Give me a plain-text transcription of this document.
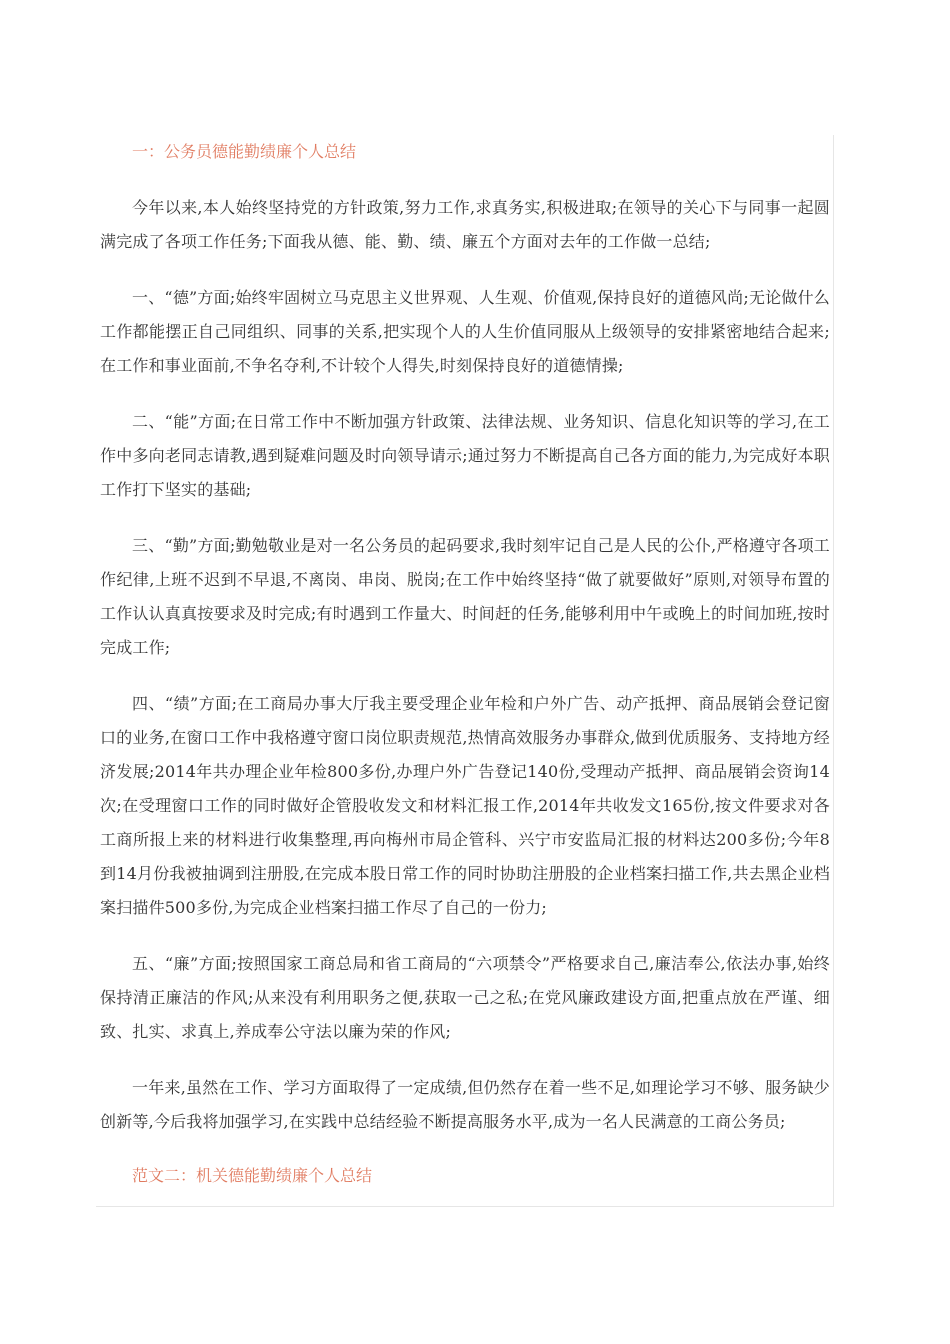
一：公务员德能勤绩廉个人总结

今年以来,本人始终坚持党的方针政策,努力工作,求真务实,积极进取;在领导的关心下与同事一起圆满完成了各项工作任务;下面我从德、能、勤、绩、廉五个方面对去年的工作做一总结;

一、“德”方面;始终牢固树立马克思主义世界观、人生观、价值观,保持良好的道德风尚;无论做什么工作都能摆正自己同组织、同事的关系,把实现个人的人生价值同服从上级领导的安排紧密地结合起来;在工作和事业面前,不争名夺利,不计较个人得失,时刻保持良好的道德情操;

二、“能”方面;在日常工作中不断加强方针政策、法律法规、业务知识、信息化知识等的学习,在工作中多向老同志请教,遇到疑难问题及时向领导请示;通过努力不断提高自己各方面的能力,为完成好本职工作打下坚实的基础;

三、“勤”方面;勤勉敬业是对一名公务员的起码要求,我时刻牢记自己是人民的公仆,严格遵守各项工作纪律,上班不迟到不早退,不离岗、串岗、脱岗;在工作中始终坚持“做了就要做好”原则,对领导布置的工作认认真真按要求及时完成;有时遇到工作量大、时间赶的任务,能够利用中午或晚上的时间加班,按时完成工作;

四、“绩”方面;在工商局办事大厅我主要受理企业年检和户外广告、动产抵押、商品展销会登记窗口的业务,在窗口工作中我格遵守窗口岗位职责规范,热情高效服务办事群众,做到优质服务、支持地方经济发展;2014年共办理企业年检800多份,办理户外广告登记140份,受理动产抵押、商品展销会资询14次;在受理窗口工作的同时做好企管股收发文和材料汇报工作,2014年共收发文165份,按文件要求对各工商所报上来的材料进行收集整理,再向梅州市局企管科、兴宁市安监局汇报的材料达200多份;今年8到14月份我被抽调到注册股,在完成本股日常工作的同时协助注册股的企业档案扫描工作,共去黑企业档案扫描件500多份,为完成企业档案扫描工作尽了自己的一份力;

五、“廉”方面;按照国家工商总局和省工商局的“六项禁令”严格要求自己,廉洁奉公,依法办事,始终保持清正廉洁的作风;从来没有利用职务之便,获取一己之私;在党风廉政建设方面,把重点放在严谨、细致、扎实、求真上,养成奉公守法以廉为荣的作风;

一年来,虽然在工作、学习方面取得了一定成绩,但仍然存在着一些不足,如理论学习不够、服务缺少创新等,今后我将加强学习,在实践中总结经验不断提高服务水平,成为一名人民满意的工商公务员;

范文二：机关德能勤绩廉个人总结
